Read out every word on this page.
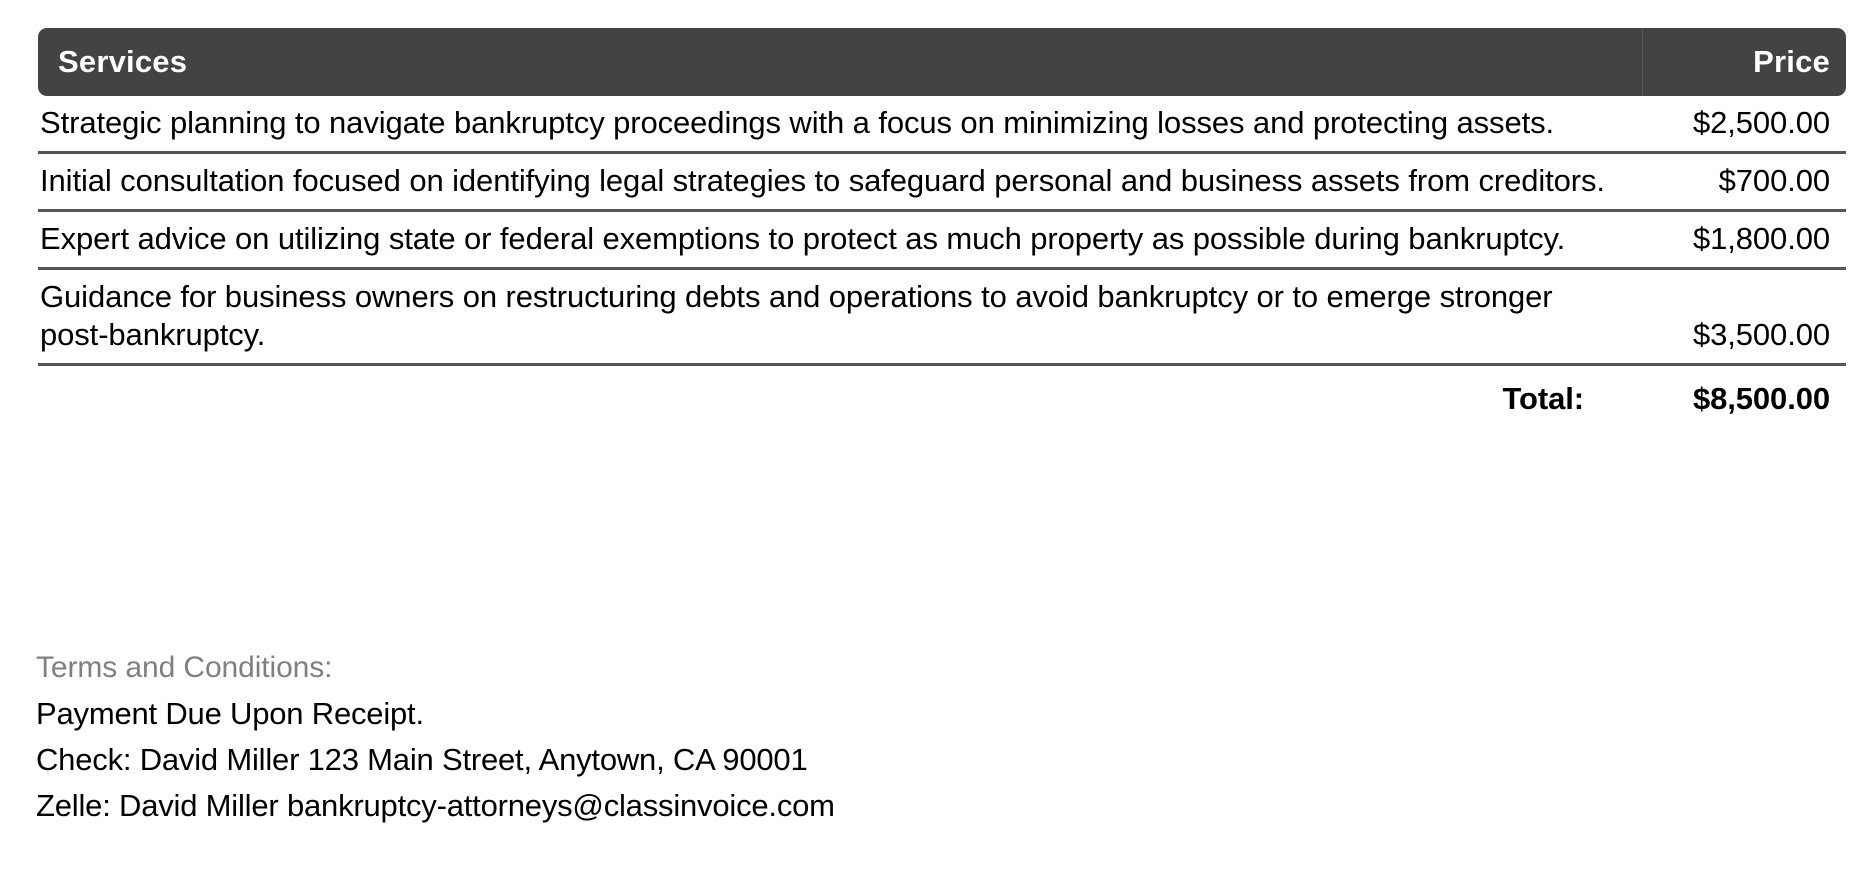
Services	Price
Strategic planning to navigate bankruptcy proceedings with a focus on minimizing losses and protecting assets.	$2,500.00
Initial consultation focused on identifying legal strategies to safeguard personal and business assets from creditors.	$700.00
Expert advice on utilizing state or federal exemptions to protect as much property as possible during bankruptcy.	$1,800.00
Guidance for business owners on restructuring debts and operations to avoid bankruptcy or to emerge stronger post-bankruptcy.	$3,500.00
Total:	$8,500.00
Terms and Conditions:
Payment Due Upon Receipt.
Check: David Miller 123 Main Street, Anytown, CA 90001
Zelle: David Miller bankruptcy-attorneys@classinvoice.com
